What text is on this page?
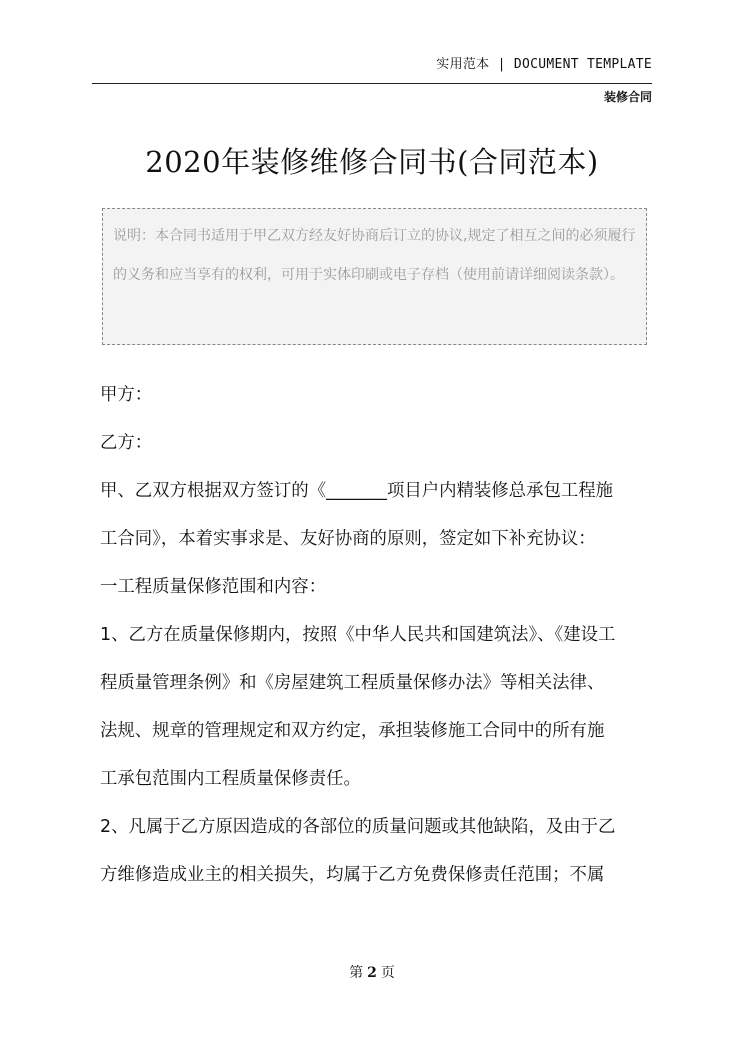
实用范本 | DOCUMENT TEMPLATE
装修合同
2020年装修维修合同书(合同范本)
说明：本合同书适用于甲乙双方经友好协商后订立的协议,规定了相互之间的必须履行的义务和应当享有的权利，可用于实体印刷或电子存档（使用前请详细阅读条款）。
甲方：
乙方：
甲、乙双方根据双方签订的《_______项目户内精装修总承包工程施
工合同》，本着实事求是、友好协商的原则，签定如下补充协议：
一工程质量保修范围和内容：
1、乙方在质量保修期内，按照《中华人民共和国建筑法》、《建设工
程质量管理条例》和《房屋建筑工程质量保修办法》等相关法律、
法规、规章的管理规定和双方约定，承担装修施工合同中的所有施
工承包范围内工程质量保修责任。
2、凡属于乙方原因造成的各部位的质量问题或其他缺陷，及由于乙
方维修造成业主的相关损失，均属于乙方免费保修责任范围；不属
第 2 页
